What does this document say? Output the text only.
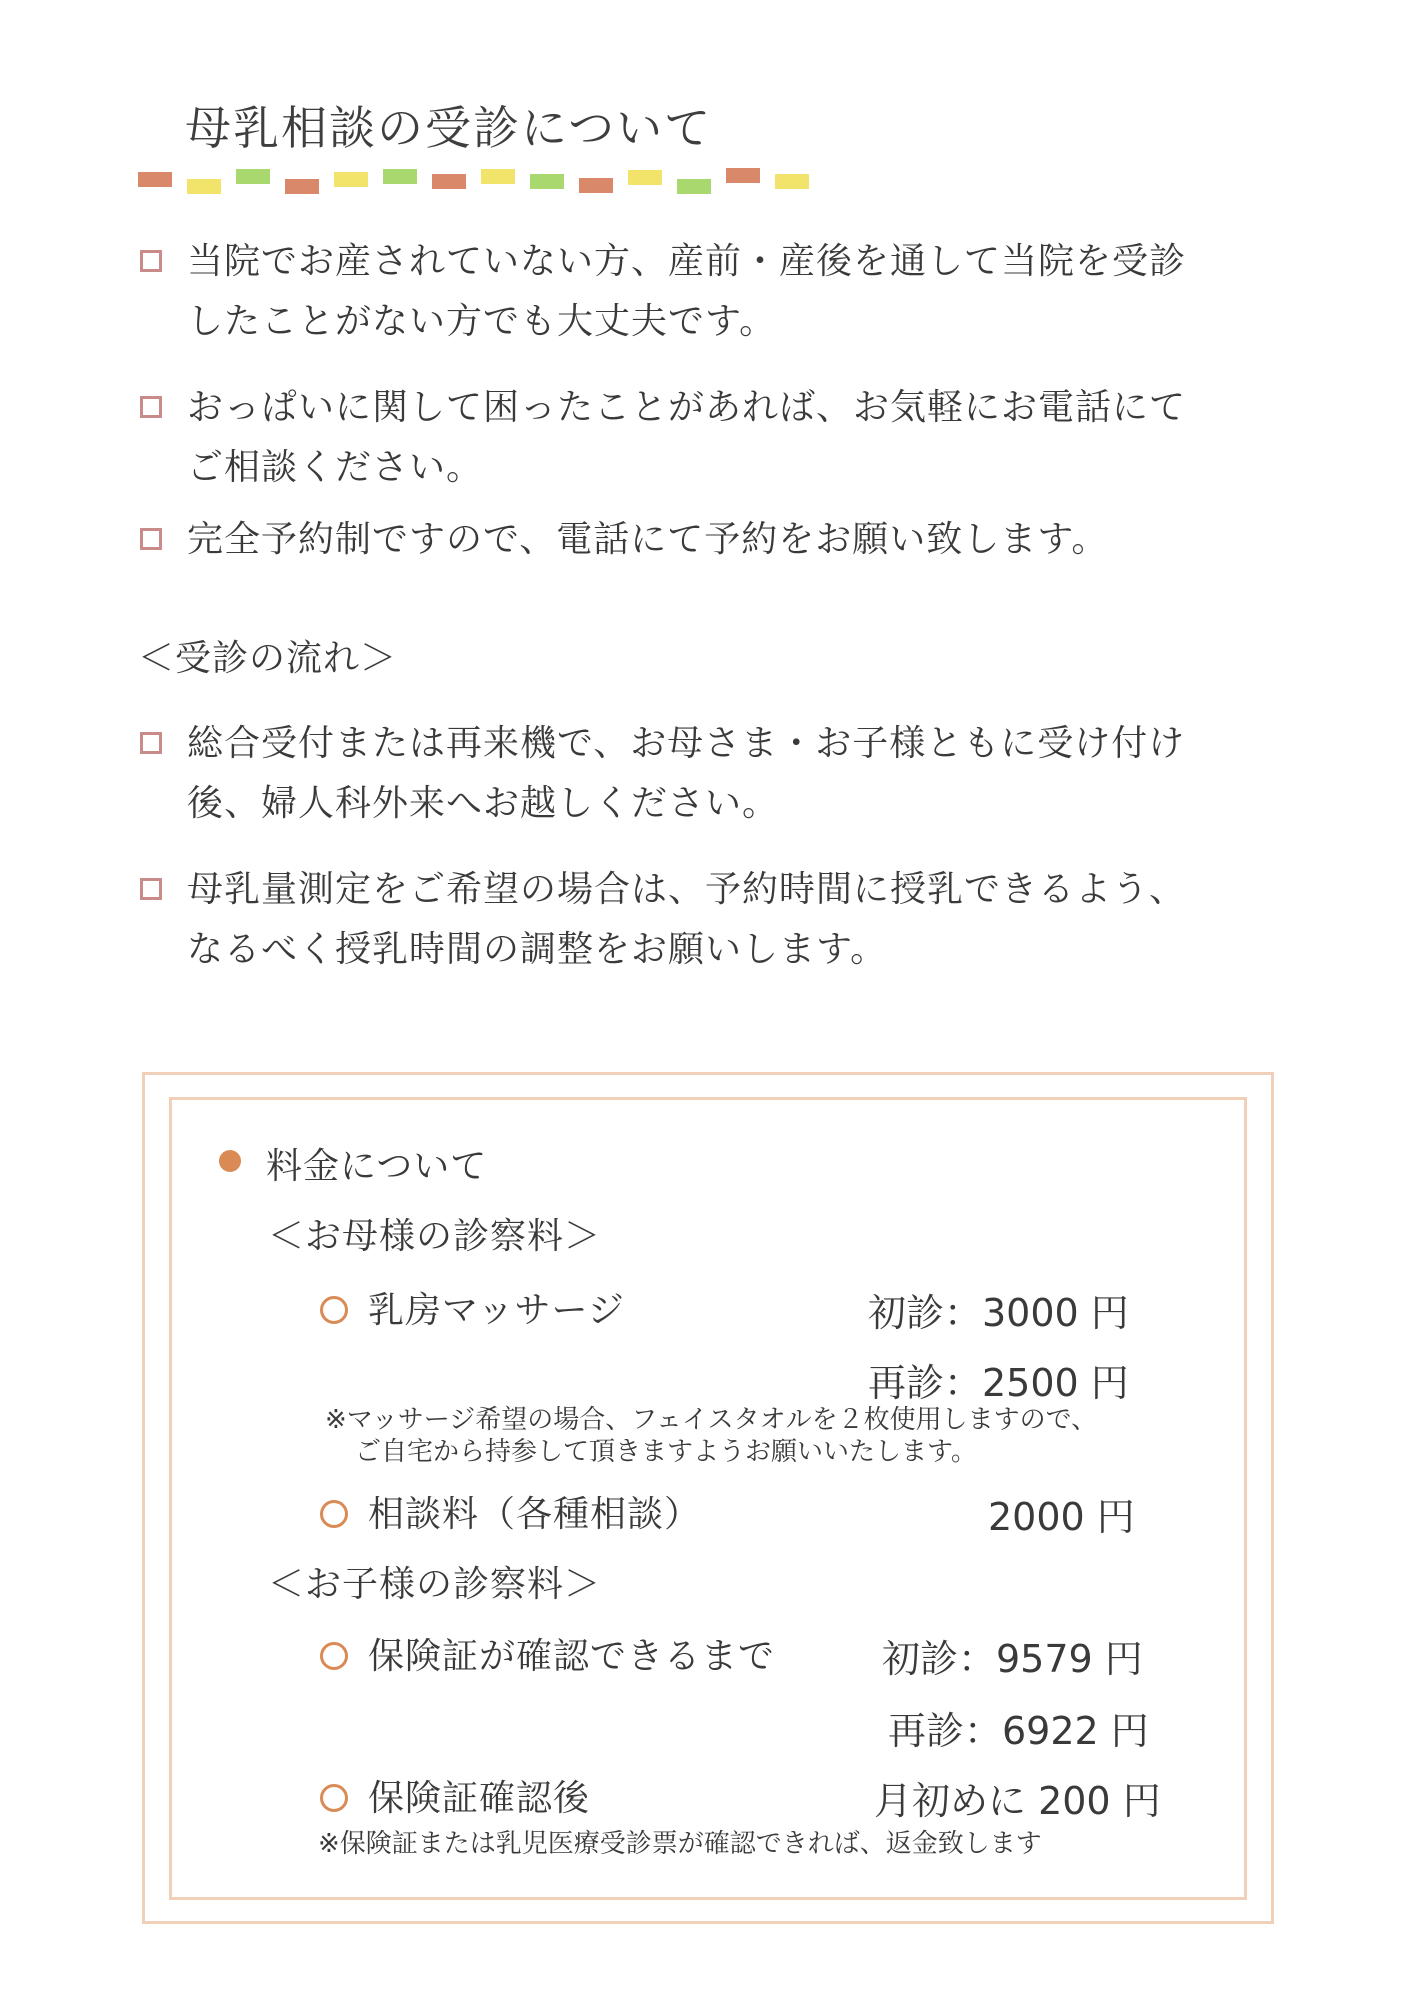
母乳相談の受診について
当院でお産されていない方、産前・産後を通して当院を受診
したことがない方でも大丈夫です。
おっぱいに関して困ったことがあれば、お気軽にお電話にて
ご相談ください。
完全予約制ですので、電話にて予約をお願い致します。
＜受診の流れ＞
総合受付または再来機で、お母さま・お子様ともに受け付け
後、婦人科外来へお越しください。
母乳量測定をご希望の場合は、予約時間に授乳できるよう、
なるべく授乳時間の調整をお願いします。
料金について
＜お母様の診察料＞
乳房マッサージ	初診：3000 円
再診：2500 円
※マッサージ希望の場合、フェイスタオルを２枚使用しますので、
ご自宅から持参して頂きますようお願いいたします。
相談料（各種相談）	2000 円
＜お子様の診察料＞
保険証が確認できるまで	初診：9579 円
再診：6922 円
保険証確認後	月初めに 200 円
※保険証または乳児医療受診票が確認できれば、返金致します
